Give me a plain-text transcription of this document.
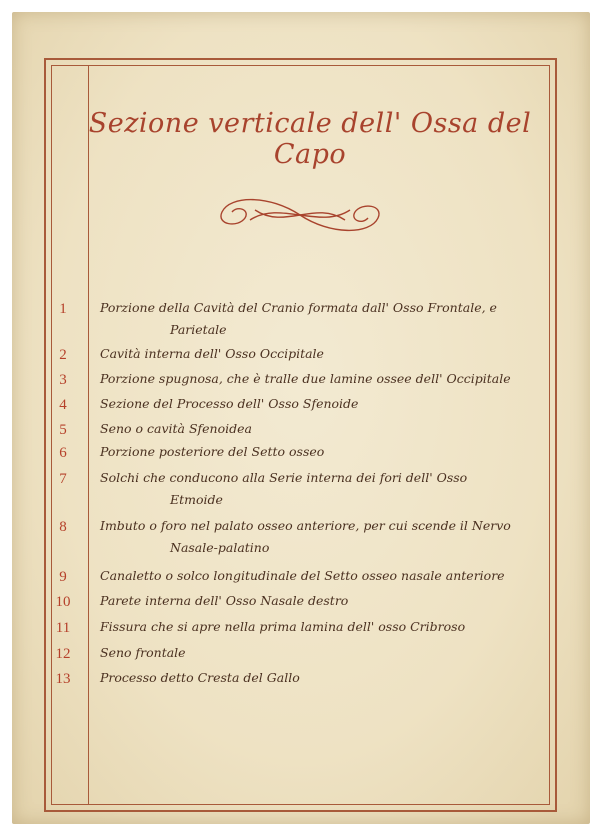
Sezione verticale dell' Ossa del Capo
1	Porzione della Cavità del Cranio formata dall' Osso Frontale, e
Parietale
2	Cavità interna dell' Osso Occipitale
3	Porzione spugnosa, che è tralle due lamine ossee dell' Occipitale
4	Sezione del Processo dell' Osso Sfenoide
5	Seno o cavità Sfenoidea
6	Porzione posteriore del Setto osseo
7	Solchi che conducono alla Serie interna dei fori dell' Osso
Etmoide
8	Imbuto o foro nel palato osseo anteriore, per cui scende il Nervo
Nasale-palatino
9	Canaletto o solco longitudinale del Setto osseo nasale anteriore
10	Parete interna dell' Osso Nasale destro
11	Fissura che si apre nella prima lamina dell' osso Cribroso
12	Seno frontale
13	Processo detto Cresta del Gallo
